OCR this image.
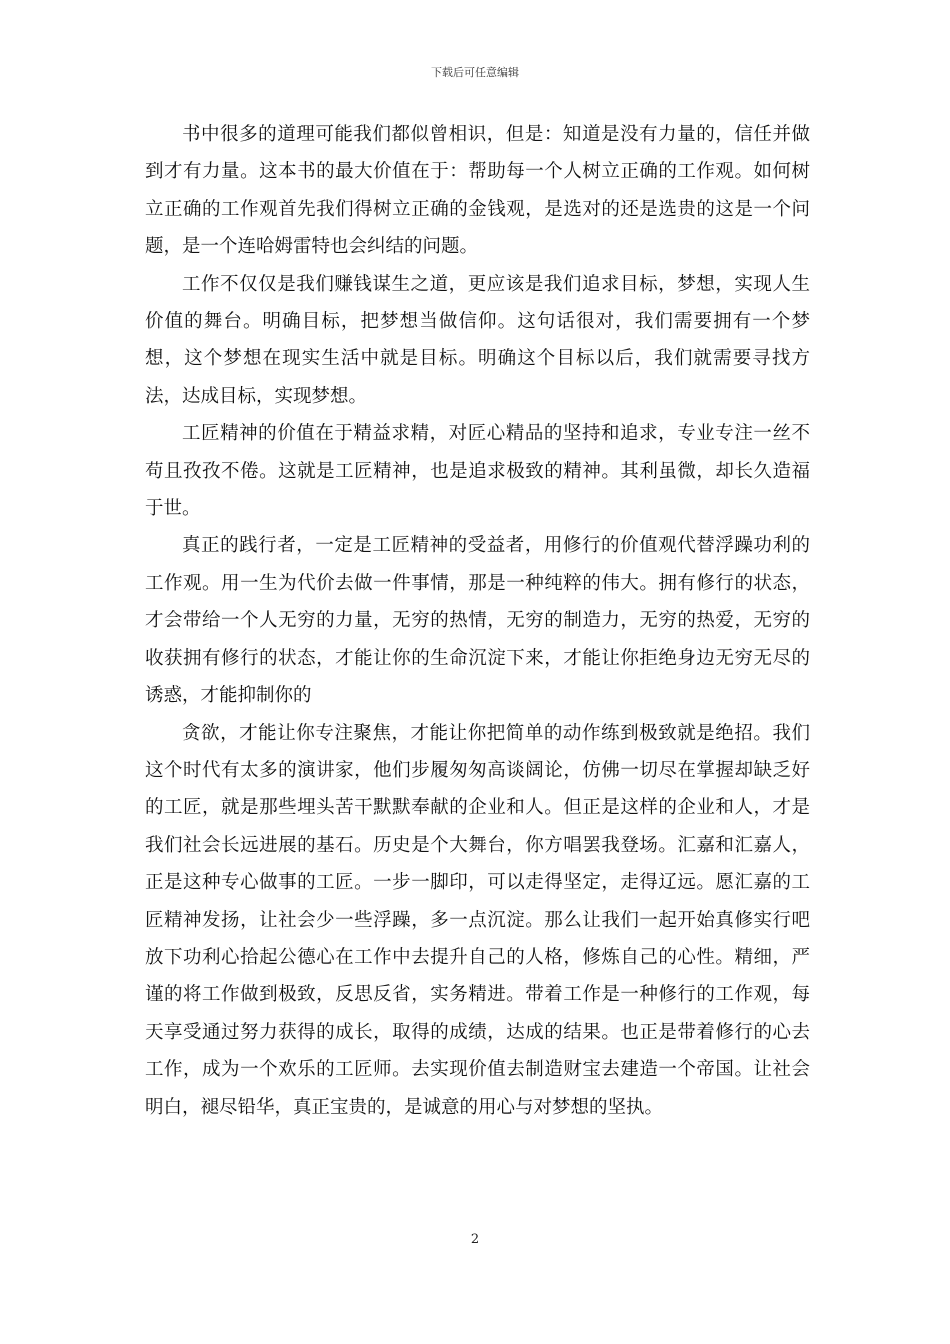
下载后可任意编辑

书中很多的道理可能我们都似曾相识，但是：知道是没有力量的，信任并做到才有力量。这本书的最大价值在于：帮助每一个人树立正确的工作观。如何树立正确的工作观首先我们得树立正确的金钱观，是选对的还是选贵的这是一个问题，是一个连哈姆雷特也会纠结的问题。

工作不仅仅是我们赚钱谋生之道，更应该是我们追求目标，梦想，实现人生价值的舞台。明确目标，把梦想当做信仰。这句话很对，我们需要拥有一个梦想，这个梦想在现实生活中就是目标。明确这个目标以后，我们就需要寻找方法，达成目标，实现梦想。

工匠精神的价值在于精益求精，对匠心精品的坚持和追求，专业专注一丝不苟且孜孜不倦。这就是工匠精神，也是追求极致的精神。其利虽微，却长久造福于世。

真正的践行者，一定是工匠精神的受益者，用修行的价值观代替浮躁功利的工作观。用一生为代价去做一件事情，那是一种纯粹的伟大。拥有修行的状态，才会带给一个人无穷的力量，无穷的热情，无穷的制造力，无穷的热爱，无穷的收获拥有修行的状态，才能让你的生命沉淀下来，才能让你拒绝身边无穷无尽的诱惑，才能抑制你的

贪欲，才能让你专注聚焦，才能让你把简单的动作练到极致就是绝招。我们这个时代有太多的演讲家，他们步履匆匆高谈阔论，仿佛一切尽在掌握却缺乏好的工匠，就是那些埋头苦干默默奉献的企业和人。但正是这样的企业和人，才是我们社会长远进展的基石。历史是个大舞台，你方唱罢我登场。汇嘉和汇嘉人，正是这种专心做事的工匠。一步一脚印，可以走得坚定，走得辽远。愿汇嘉的工匠精神发扬，让社会少一些浮躁，多一点沉淀。那么让我们一起开始真修实行吧放下功利心拾起公德心在工作中去提升自己的人格，修炼自己的心性。精细，严谨的将工作做到极致，反思反省，实务精进。带着工作是一种修行的工作观，每天享受通过努力获得的成长，取得的成绩，达成的结果。也正是带着修行的心去工作，成为一个欢乐的工匠师。去实现价值去制造财宝去建造一个帝国。让社会明白，褪尽铅华，真正宝贵的，是诚意的用心与对梦想的坚执。

2
